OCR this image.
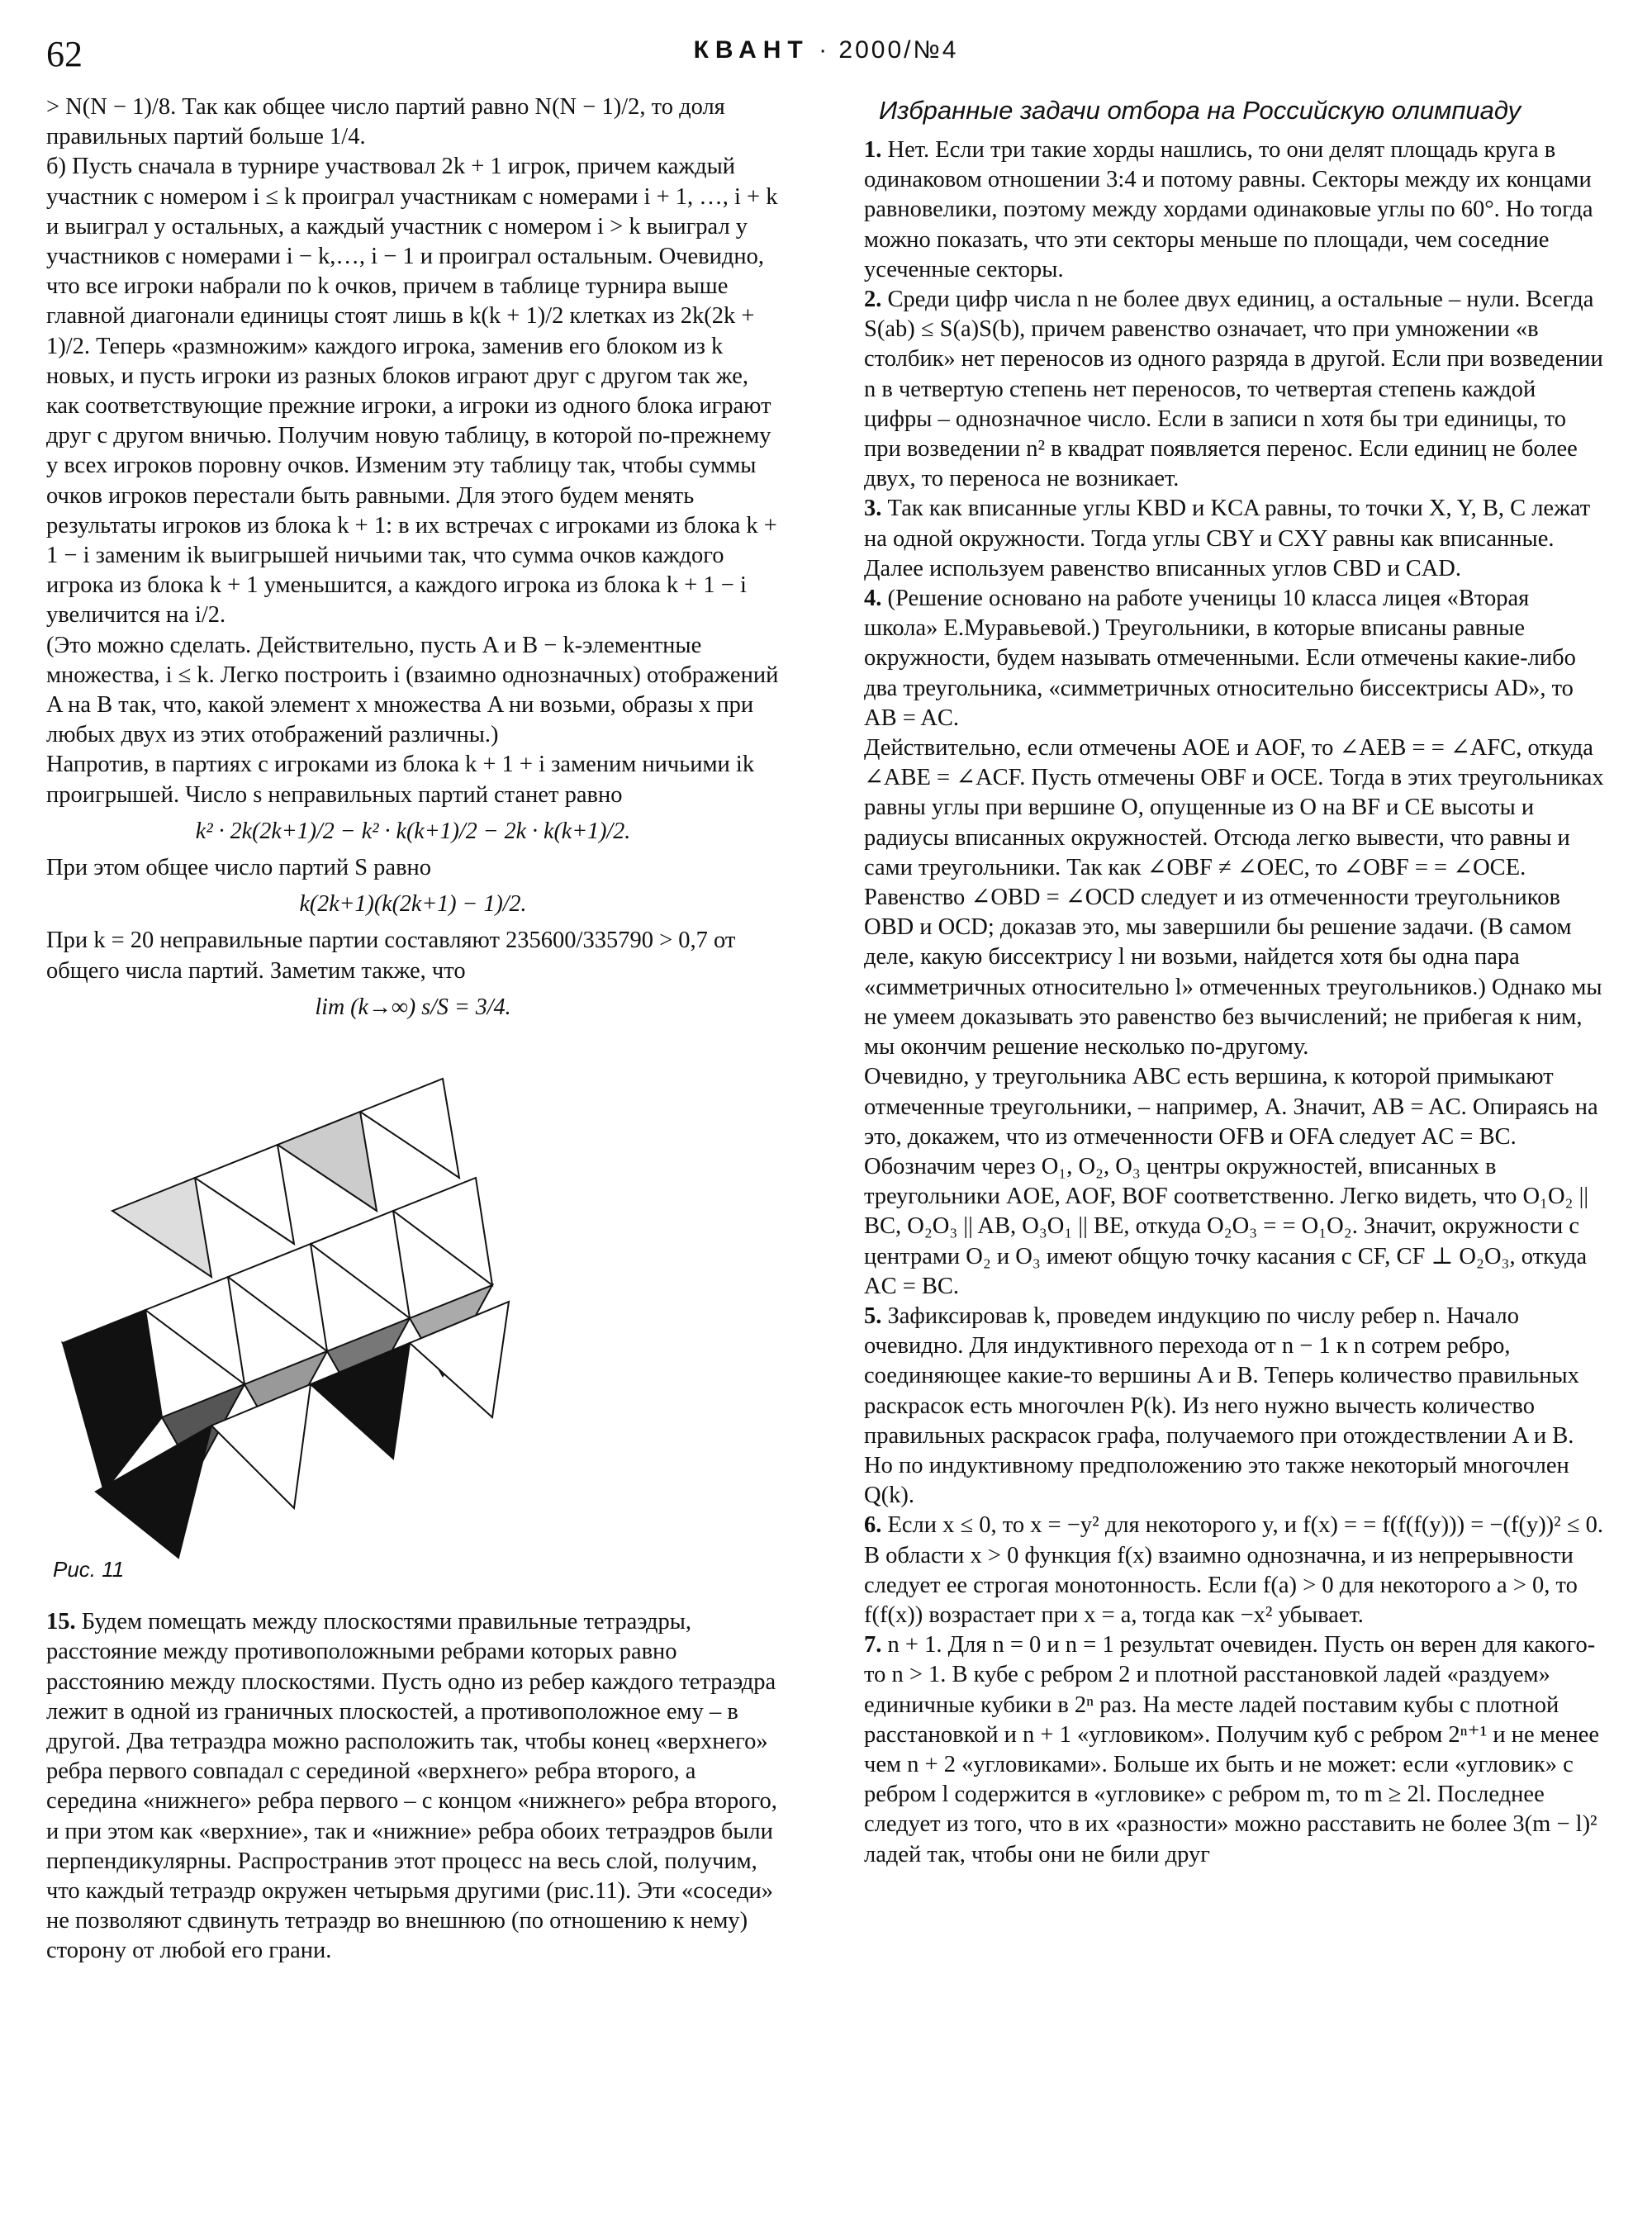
62	КВАНТ · 2000/№4

> N(N − 1)/8. Так как общее число партий равно N(N − 1)/2, то доля правильных партий больше 1/4.

б) Пусть сначала в турнире участвовал 2k + 1 игрок, причем каждый участник с номером i ≤ k проиграл участникам с номерами i + 1, …, i + k и выиграл у остальных, а каждый участник с номером i > k выиграл у участников с номерами i − k,…, i − 1 и проиграл остальным. Очевидно, что все игроки набрали по k очков, причем в таблице турнира выше главной диагонали единицы стоят лишь в k(k + 1)/2 клетках из 2k(2k + 1)/2. Теперь «размножим» каждого игрока, заменив его блоком из k новых, и пусть игроки из разных блоков играют друг с другом так же, как соответствующие прежние игроки, а игроки из одного блока играют друг с другом вничью. Получим новую таблицу, в которой по-прежнему у всех игроков поровну очков. Изменим эту таблицу так, чтобы суммы очков игроков перестали быть равными. Для этого будем менять результаты игроков из блока k + 1: в их встречах с игроками из блока k + 1 − i заменим ik выигрышей ничьими так, что сумма очков каждого игрока из блока k + 1 уменьшится, а каждого игрока из блока k + 1 − i увеличится на i/2.

(Это можно сделать. Действительно, пусть A и B − k-элементные множества, i ≤ k. Легко построить i (взаимно однозначных) отображений A на B так, что, какой элемент x множества A ни возьми, образы x при любых двух из этих отображений различны.)

Напротив, в партиях с игроками из блока k + 1 + i заменим ничьими ik проигрышей. Число s неправильных партий станет равно

k² · 2k(2k+1)/2 − k² · k(k+1)/2 − 2k · k(k+1)/2.

При этом общее число партий S равно

k(2k+1)(k(2k+1) − 1)/2.

При k = 20 неправильные партии составляют 235600/335790 > 0,7 от общего числа партий. Заметим также, что

lim (k→∞) s/S = 3/4.
Рис. 11

15. Будем помещать между плоскостями правильные тетраэдры, расстояние между противоположными ребрами которых равно расстоянию между плоскостями. Пусть одно из ребер каждого тетраэдра лежит в одной из граничных плоскостей, а противоположное ему – в другой. Два тетраэдра можно расположить так, чтобы конец «верхнего» ребра первого совпадал с серединой «верхнего» ребра второго, а середина «нижнего» ребра первого – с концом «нижнего» ребра второго, и при этом как «верхние», так и «нижние» ребра обоих тетраэдров были перпендикулярны. Распространив этот процесс на весь слой, получим, что каждый тетраэдр окружен четырьмя другими (рис.11). Эти «соседи» не позволяют сдвинуть тетраэдр во внешнюю (по отношению к нему) сторону от любой его грани.

Избранные задачи отбора на Российскую олимпиаду

1. Нет. Если три такие хорды нашлись, то они делят площадь круга в одинаковом отношении 3:4 и потому равны. Секторы между их концами равновелики, поэтому между хордами одинаковые углы по 60°. Но тогда можно показать, что эти секторы меньше по площади, чем соседние усеченные секторы.

2. Среди цифр числа n не более двух единиц, а остальные – нули. Всегда S(ab) ≤ S(a)S(b), причем равенство означает, что при умножении «в столбик» нет переносов из одного разряда в другой. Если при возведении n в четвертую степень нет переносов, то четвертая степень каждой цифры – однозначное число. Если в записи n хотя бы три единицы, то при возведении n² в квадрат появляется перенос. Если единиц не более двух, то переноса не возникает.

3. Так как вписанные углы KBD и KCA равны, то точки X, Y, B, C лежат на одной окружности. Тогда углы CBY и CXY равны как вписанные. Далее используем равенство вписанных углов CBD и CAD.

4. (Решение основано на работе ученицы 10 класса лицея «Вторая школа» Е.Муравьевой.) Треугольники, в которые вписаны равные окружности, будем называть отмеченными. Если отмечены какие-либо два треугольника, «симметричных относительно биссектрисы AD», то AB = AC.

Действительно, если отмечены AOE и AOF, то ∠AEB = = ∠AFC, откуда ∠ABE = ∠ACF. Пусть отмечены OBF и OCE. Тогда в этих треугольниках равны углы при вершине O, опущенные из O на BF и CE высоты и радиусы вписанных окружностей. Отсюда легко вывести, что равны и сами треугольники. Так как ∠OBF ≠ ∠OEC, то ∠OBF = = ∠OCE.

Равенство ∠OBD = ∠OCD следует и из отмеченности треугольников OBD и OCD; доказав это, мы завершили бы решение задачи. (В самом деле, какую биссектрису l ни возьми, найдется хотя бы одна пара «симметричных относительно l» отмеченных треугольников.) Однако мы не умеем доказывать это равенство без вычислений; не прибегая к ним, мы окончим решение несколько по-другому.

Очевидно, у треугольника ABC есть вершина, к которой примыкают отмеченные треугольники, – например, A. Значит, AB = AC. Опираясь на это, докажем, что из отмеченности OFB и OFA следует AC = BC.

Обозначим через O₁, O₂, O₃ центры окружностей, вписанных в треугольники AOE, AOF, BOF соответственно. Легко видеть, что O₁O₂ || BC, O₂O₃ || AB, O₃O₁ || BE, откуда O₂O₃ = = O₁O₂. Значит, окружности с центрами O₂ и O₃ имеют общую точку касания с CF, CF ⊥ O₂O₃, откуда AC = BC.

5. Зафиксировав k, проведем индукцию по числу ребер n. Начало очевидно. Для индуктивного перехода от n − 1 к n сотрем ребро, соединяющее какие-то вершины A и B. Теперь количество правильных раскрасок есть многочлен P(k). Из него нужно вычесть количество правильных раскрасок графа, получаемого при отождествлении A и B. Но по индуктивному предположению это также некоторый многочлен Q(k).

6. Если x ≤ 0, то x = −y² для некоторого y, и f(x) = = f(f(f(y))) = −(f(y))² ≤ 0. В области x > 0 функция f(x) взаимно однозначна, и из непрерывности следует ее строгая монотонность. Если f(a) > 0 для некоторого a > 0, то f(f(x)) возрастает при x = a, тогда как −x² убывает.

7. n + 1. Для n = 0 и n = 1 результат очевиден. Пусть он верен для какого-то n > 1. В кубе с ребром 2 и плотной расстановкой ладей «раздуем» единичные кубики в 2ⁿ раз. На месте ладей поставим кубы с плотной расстановкой и n + 1 «угловиком». Получим куб с ребром 2ⁿ⁺¹ и не менее чем n + 2 «угловиками». Больше их быть и не может: если «угловик» с ребром l содержится в «угловике» с ребром m, то m ≥ 2l. Последнее следует из того, что в их «разности» можно расставить не более 3(m − l)² ладей так, чтобы они не били друг
